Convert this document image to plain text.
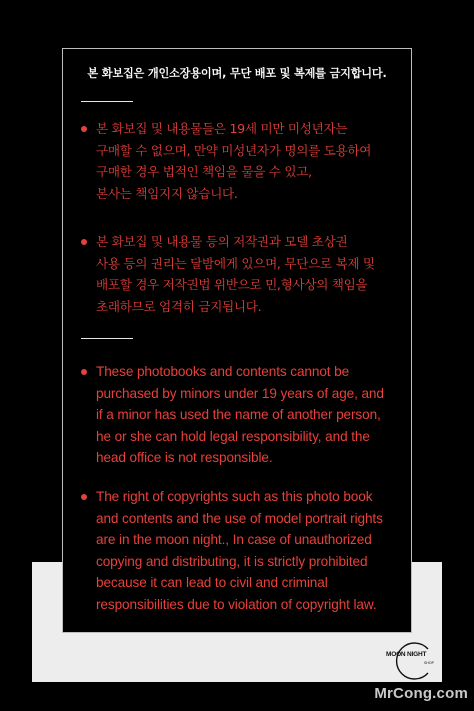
본 화보집은 개인소장용이며, 무단 배포 및 복제를 금지합니다.
본 화보집 및 내용물들은 19세 미만 미성년자는
구매할 수 없으며, 만약 미성년자가 명의를 도용하여
구매한 경우 법적인 책임을 물을 수 있고,
본사는 책임지지 않습니다.
본 화보집 및 내용물 등의 저작권과 모델 초상권
사용 등의 권리는 달밤에게 있으며, 무단으로 복제 및
배포할 경우 저작권법 위반으로 민,형사상의 책임을
초래하므로 엄격히 금지됩니다.
These photobooks and contents cannot be
purchased by minors under 19 years of age, and
if a minor has used the name of another person,
he or she can hold legal responsibility, and the
head office is not responsible.
The right of copyrights such as this photo book
and contents and the use of model portrait rights
are in the moon night., In case of unauthorized
copying and distributing, it is strictly prohibited
because it can lead to civil and criminal
responsibilities due to violation of copyright law.
MOON NIGHT
SHOP
MrCong.com
